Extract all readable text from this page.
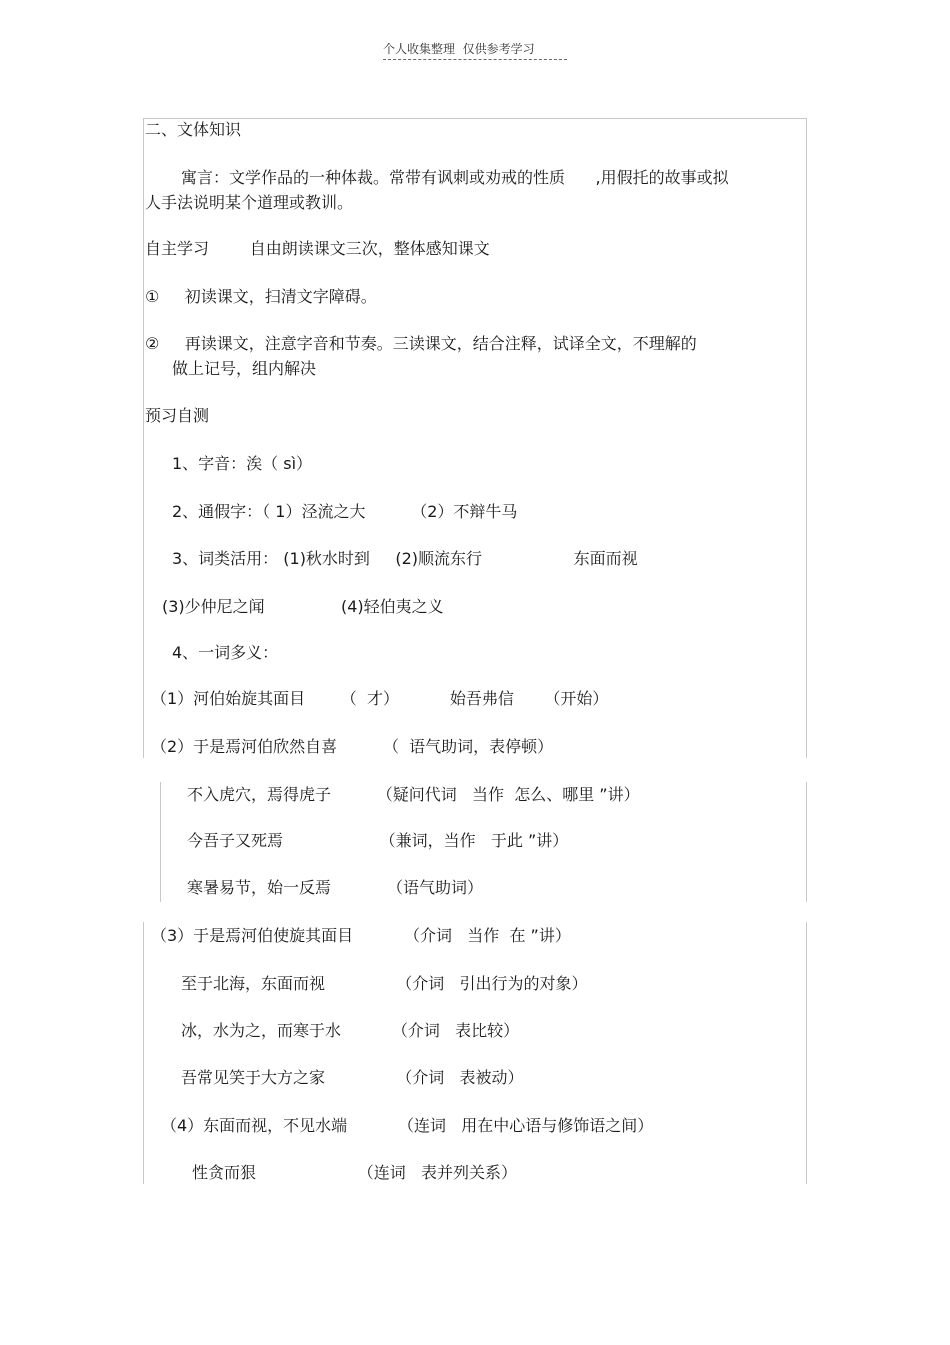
个人收集整理  仅供参考学习
二、文体知识
寓言：文学作品的一种体裁。常带有讽刺或劝戒的性质      ,用假托的故事或拟
人手法说明某个道理或教训。
自主学习        自由朗读课文三次，整体感知课文
①     初读课文，扫清文字障碍。
②     再读课文，注意字音和节奏。三读课文，结合注释，试译全文，不理解的
做上记号，组内解决
预习自测
1、字音：涘（ sì）
2、通假字：（ 1）泾流之大         （2）不辩牛马
3、词类活用： (1)秋水时到     (2)顺流东行                  东面而视
(3)少仲尼之闻               (4)轻伯夷之义
4、一词多义：
（1）河伯始旋其面目       （  才）          始吾弗信      （开始）
（2）于是焉河伯欣然自喜         （  语气助词，表停顿）
不入虎穴，焉得虎子         （疑问代词   当作  怎么、哪里 ”讲）
今吾子又死焉                   （兼词，当作   于此 ”讲）
寒暑易节，始一反焉           （语气助词）
（3）于是焉河伯使旋其面目          （介词   当作  在 ”讲）
至于北海，东面而视              （介词   引出行为的对象）
冰，水为之，而寒于水          （介词   表比较）
吾常见笑于大方之家              （介词   表被动）
（4）东面而视，不见水端          （连词   用在中心语与修饰语之间）
性贪而狠                    （连词   表并列关系）
